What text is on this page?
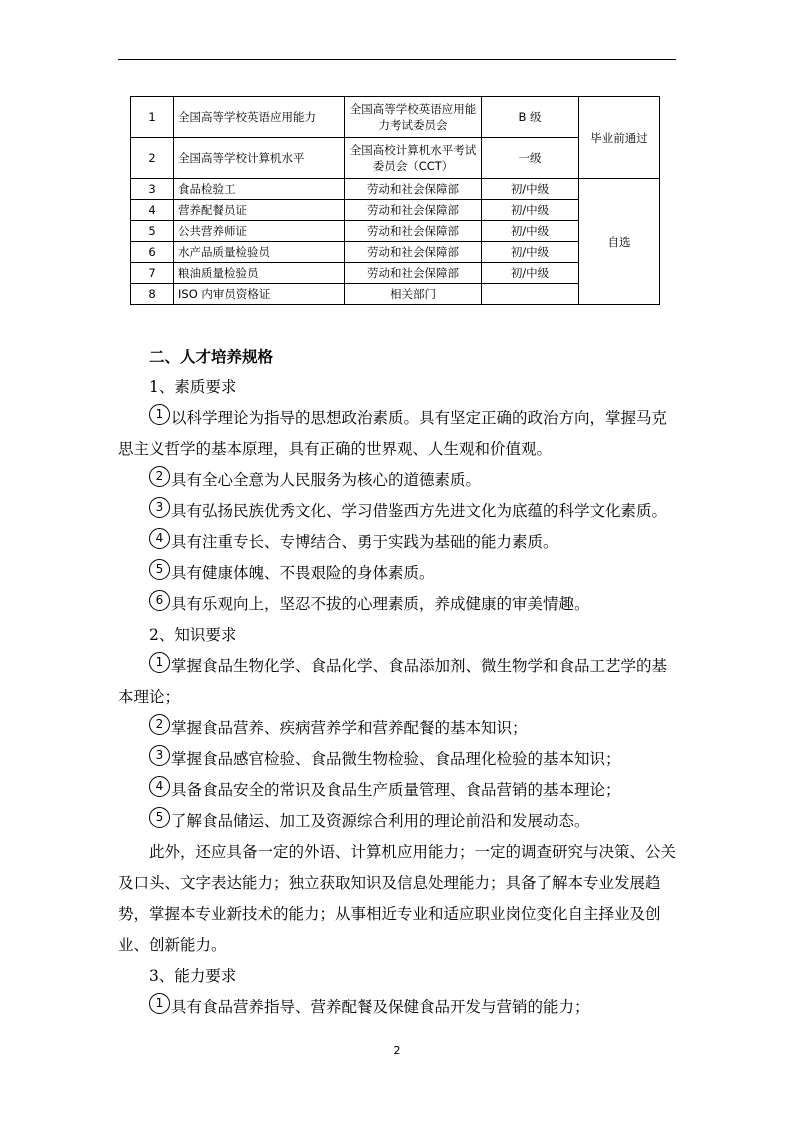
1	全国高等学校英语应用能力	全国高等学校英语应用能力考试委员会	B 级	毕业前通过
2	全国高等学校计算机水平	全国高校计算机水平考试委员会（CCT）	一级	
3	食品检验工	劳动和社会保障部	初/中级	自选
4	营养配餐员证	劳动和社会保障部	初/中级	
5	公共营养师证	劳动和社会保障部	初/中级	
6	水产品质量检验员	劳动和社会保障部	初/中级	
7	粮油质量检验员	劳动和社会保障部	初/中级	
8	ISO 内审员资格证	相关部门		

二、人才培养规格

1、素质要求

1 以科学理论为指导的思想政治素质。具有坚定正确的政治方向，掌握马克思主义哲学的基本原理，具有正确的世界观、人生观和价值观。

2 具有全心全意为人民服务为核心的道德素质。

3 具有弘扬民族优秀文化、学习借鉴西方先进文化为底蕴的科学文化素质。

4 具有注重专长、专博结合、勇于实践为基础的能力素质。

5 具有健康体魄、不畏艰险的身体素质。

6 具有乐观向上，坚忍不拔的心理素质，养成健康的审美情趣。

2、知识要求

1 掌握食品生物化学、食品化学、食品添加剂、微生物学和食品工艺学的基本理论；

2 掌握食品营养、疾病营养学和营养配餐的基本知识；

3 掌握食品感官检验、食品微生物检验、食品理化检验的基本知识；

4 具备食品安全的常识及食品生产质量管理、食品营销的基本理论；

5 了解食品储运、加工及资源综合利用的理论前沿和发展动态。

此外，还应具备一定的外语、计算机应用能力；一定的调查研究与决策、公关及口头、文字表达能力；独立获取知识及信息处理能力；具备了解本专业发展趋势，掌握本专业新技术的能力；从事相近专业和适应职业岗位变化自主择业及创业、创新能力。

3、能力要求

1 具有食品营养指导、营养配餐及保健食品开发与营销的能力；

2
